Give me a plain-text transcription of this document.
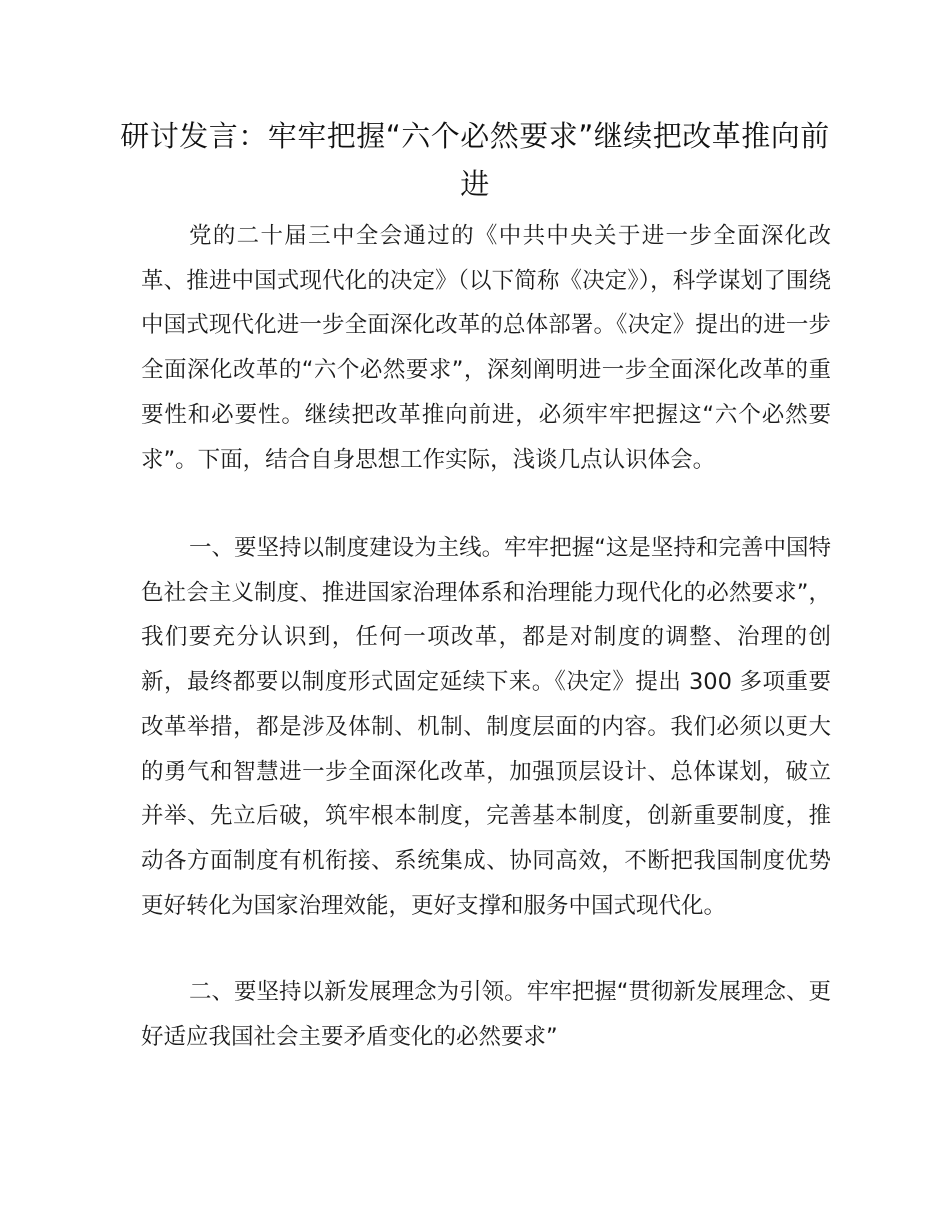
研讨发言：牢牢把握“六个必然要求”继续把改革推向前进

党的二十届三中全会通过的《中共中央关于进一步全面深化改革、推进中国式现代化的决定》（以下简称《决定》），科学谋划了围绕中国式现代化进一步全面深化改革的总体部署。《决定》提出的进一步全面深化改革的“六个必然要求”，深刻阐明进一步全面深化改革的重要性和必要性。继续把改革推向前进，必须牢牢把握这“六个必然要求”。下面，结合自身思想工作实际，浅谈几点认识体会。

一、要坚持以制度建设为主线。牢牢把握“这是坚持和完善中国特色社会主义制度、推进国家治理体系和治理能力现代化的必然要求”，我们要充分认识到，任何一项改革，都是对制度的调整、治理的创新，最终都要以制度形式固定延续下来。《决定》提出 300 多项重要改革举措，都是涉及体制、机制、制度层面的内容。我们必须以更大的勇气和智慧进一步全面深化改革，加强顶层设计、总体谋划，破立并举、先立后破，筑牢根本制度，完善基本制度，创新重要制度，推动各方面制度有机衔接、系统集成、协同高效，不断把我国制度优势更好转化为国家治理效能，更好支撑和服务中国式现代化。

二、要坚持以新发展理念为引领。牢牢把握“贯彻新发展理念、更好适应我国社会主要矛盾变化的必然要求”
